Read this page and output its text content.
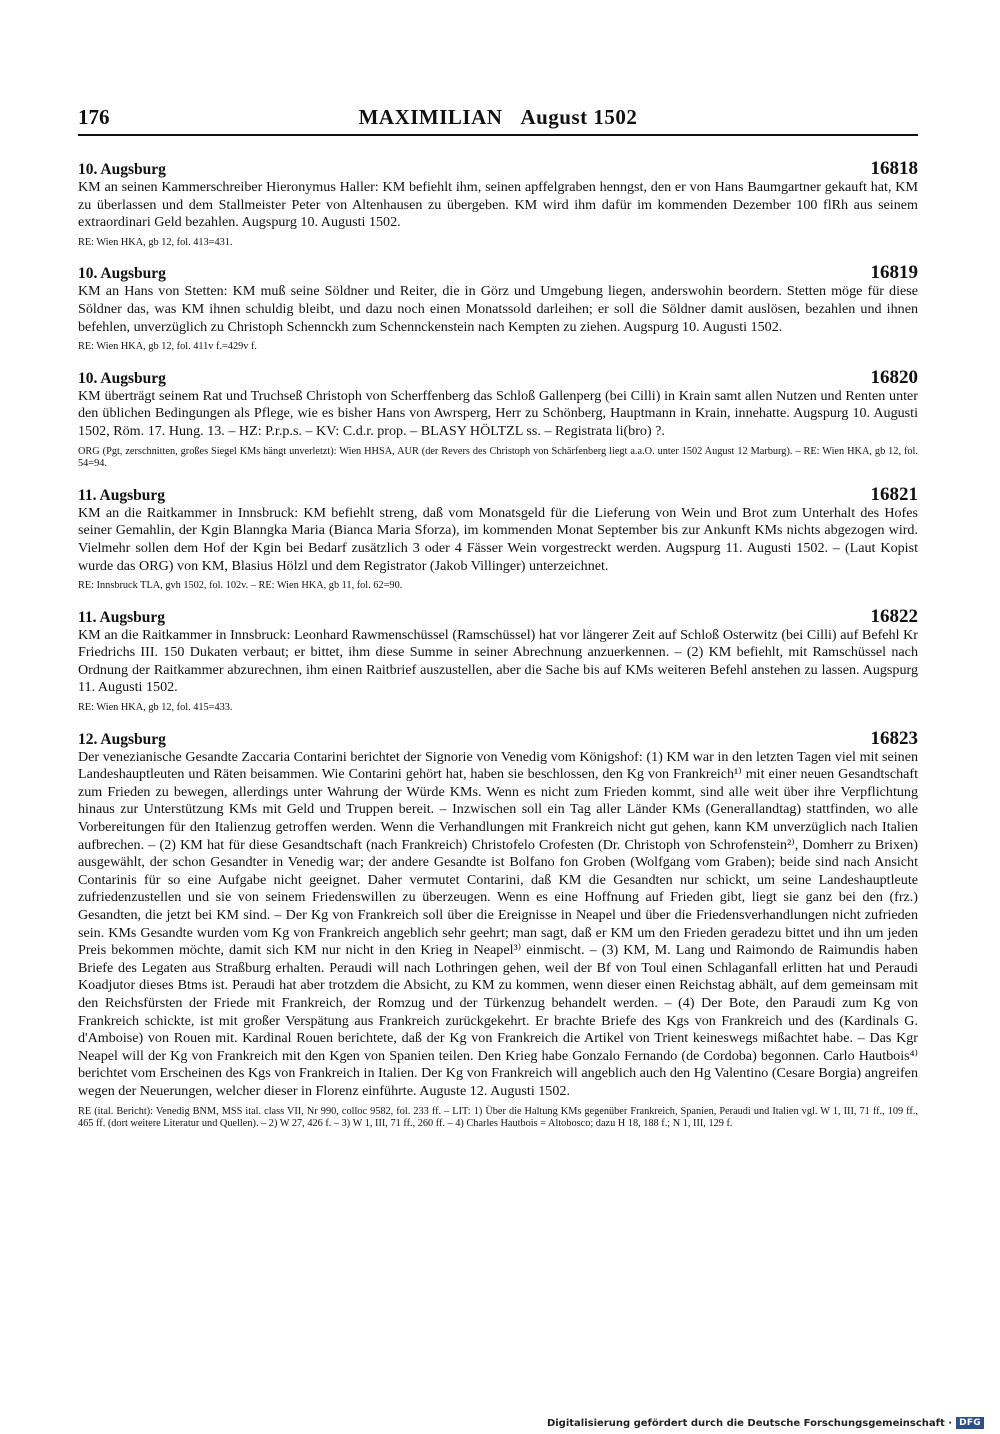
176	MAXIMILIAN August 1502
10. Augsburg	16818
KM an seinen Kammerschreiber Hieronymus Haller: KM befiehlt ihm, seinen apffelgraben henngst, den er von Hans Baumgartner gekauft hat, KM zu überlassen und dem Stallmeister Peter von Altenhausen zu übergeben. KM wird ihm dafür im kommenden Dezember 100 flRh aus seinem extraordinari Geld bezahlen. Augspurg 10. Augusti 1502.
RE: Wien HKA, gb 12, fol. 413=431.
10. Augsburg	16819
KM an Hans von Stetten: KM muß seine Söldner und Reiter, die in Görz und Umgebung liegen, anderswohin beordern. Stetten möge für diese Söldner das, was KM ihnen schuldig bleibt, und dazu noch einen Monatssold darleihen; er soll die Söldner damit auslösen, bezahlen und ihnen befehlen, unverzüglich zu Christoph Schennckh zum Schennckenstein nach Kempten zu ziehen. Augspurg 10. Augusti 1502.
RE: Wien HKA, gb 12, fol. 411v f.=429v f.
10. Augsburg	16820
KM überträgt seinem Rat und Truchseß Christoph von Scherffenberg das Schloß Gallenperg (bei Cilli) in Krain samt allen Nutzen und Renten unter den üblichen Bedingungen als Pflege, wie es bisher Hans von Awrsperg, Herr zu Schönberg, Hauptmann in Krain, innehatte. Augspurg 10. Augusti 1502, Röm. 17. Hung. 13. – HZ: P.r.p.s. – KV: C.d.r. prop. – BLASY HÖLTZL ss. – Registrata li(bro) ?.
ORG (Pgt, zerschnitten, großes Siegel KMs hängt unverletzt): Wien HHSA, AUR (der Revers des Christoph von Schärfenberg liegt a.a.O. unter 1502 August 12 Marburg). – RE: Wien HKA, gb 12, fol. 54=94.
11. Augsburg	16821
KM an die Raitkammer in Innsbruck: KM befiehlt streng, daß vom Monatsgeld für die Lieferung von Wein und Brot zum Unterhalt des Hofes seiner Gemahlin, der Kgin Blanngka Maria (Bianca Maria Sforza), im kommenden Monat September bis zur Ankunft KMs nichts abgezogen wird. Vielmehr sollen dem Hof der Kgin bei Bedarf zusätzlich 3 oder 4 Fässer Wein vorgestreckt werden. Augspurg 11. Augusti 1502. – (Laut Kopist wurde das ORG) von KM, Blasius Hölzl und dem Registrator (Jakob Villinger) unterzeichnet.
RE: Innsbruck TLA, gvh 1502, fol. 102v. – RE: Wien HKA, gb 11, fol. 62=90.
11. Augsburg	16822
KM an die Raitkammer in Innsbruck: Leonhard Rawmenschüssel (Ramschüssel) hat vor längerer Zeit auf Schloß Osterwitz (bei Cilli) auf Befehl Kr Friedrichs III. 150 Dukaten verbaut; er bittet, ihm diese Summe in seiner Abrechnung anzuerkennen. – (2) KM befiehlt, mit Ramschüssel nach Ordnung der Raitkammer abzurechnen, ihm einen Raitbrief auszustellen, aber die Sache bis auf KMs weiteren Befehl anstehen zu lassen. Augspurg 11. Augusti 1502.
RE: Wien HKA, gb 12, fol. 415=433.
12. Augsburg	16823
Der venezianische Gesandte Zaccaria Contarini berichtet der Signorie von Venedig vom Königshof: (1) KM war in den letzten Tagen viel mit seinen Landeshauptleuten und Räten beisammen. Wie Contarini gehört hat, haben sie beschlossen, den Kg von Frankreich¹⁾ mit einer neuen Gesandtschaft zum Frieden zu bewegen, allerdings unter Wahrung der Würde KMs. Wenn es nicht zum Frieden kommt, sind alle weit über ihre Verpflichtung hinaus zur Unterstützung KMs mit Geld und Truppen bereit. – Inzwischen soll ein Tag aller Länder KMs (Generallandtag) stattfinden, wo alle Vorbereitungen für den Italienzug getroffen werden. Wenn die Verhandlungen mit Frankreich nicht gut gehen, kann KM unverzüglich nach Italien aufbrechen. – (2) KM hat für diese Gesandtschaft (nach Frankreich) Christofelo Crofesten (Dr. Christoph von Schrofenstein²⁾, Domherr zu Brixen) ausgewählt, der schon Gesandter in Venedig war; der andere Gesandte ist Bolfano fon Groben (Wolfgang vom Graben); beide sind nach Ansicht Contarinis für so eine Aufgabe nicht geeignet. Daher vermutet Contarini, daß KM die Gesandten nur schickt, um seine Landeshauptleute zufriedenzustellen und sie von seinem Friedenswillen zu überzeugen. Wenn es eine Hoffnung auf Frieden gibt, liegt sie ganz bei den (frz.) Gesandten, die jetzt bei KM sind. – Der Kg von Frankreich soll über die Ereignisse in Neapel und über die Friedensverhandlungen nicht zufrieden sein. KMs Gesandte wurden vom Kg von Frankreich angeblich sehr geehrt; man sagt, daß er KM um den Frieden geradezu bittet und ihn um jeden Preis bekommen möchte, damit sich KM nur nicht in den Krieg in Neapel³⁾ einmischt. – (3) KM, M. Lang und Raimondo de Raimundis haben Briefe des Legaten aus Straßburg erhalten. Peraudi will nach Lothringen gehen, weil der Bf von Toul einen Schlaganfall erlitten hat und Peraudi Koadjutor dieses Btms ist. Peraudi hat aber trotzdem die Absicht, zu KM zu kommen, wenn dieser einen Reichstag abhält, auf dem gemeinsam mit den Reichsfürsten der Friede mit Frankreich, der Romzug und der Türkenzug behandelt werden. – (4) Der Bote, den Paraudi zum Kg von Frankreich schickte, ist mit großer Verspätung aus Frankreich zurückgekehrt. Er brachte Briefe des Kgs von Frankreich und des (Kardinals G. d'Amboise) von Rouen mit. Kardinal Rouen berichtete, daß der Kg von Frankreich die Artikel von Trient keineswegs mißachtet habe. – Das Kgr Neapel will der Kg von Frankreich mit den Kgen von Spanien teilen. Den Krieg habe Gonzalo Fernando (de Cordoba) begonnen. Carlo Hautbois⁴⁾ berichtet vom Erscheinen des Kgs von Frankreich in Italien. Der Kg von Frankreich will angeblich auch den Hg Valentino (Cesare Borgia) angreifen wegen der Neuerungen, welcher dieser in Florenz einführte. Auguste 12. Augusti 1502.
RE (ital. Bericht): Venedig BNM, MSS ital. class VII, Nr 990, colloc 9582, fol. 233 ff. – LIT: 1) Über die Haltung KMs gegenüber Frankreich, Spanien, Peraudi und Italien vgl. W 1, III, 71 ff., 109 ff., 465 ff. (dort weitere Literatur und Quellen). – 2) W 27, 426 f. – 3) W 1, III, 71 ff., 260 ff. – 4) Charles Hautbois = Altobosco; dazu H 18, 188 f.; N 1, III, 129 f.
Digitalisierung gefördert durch die Deutsche Forschungsgemeinschaft · DFG
